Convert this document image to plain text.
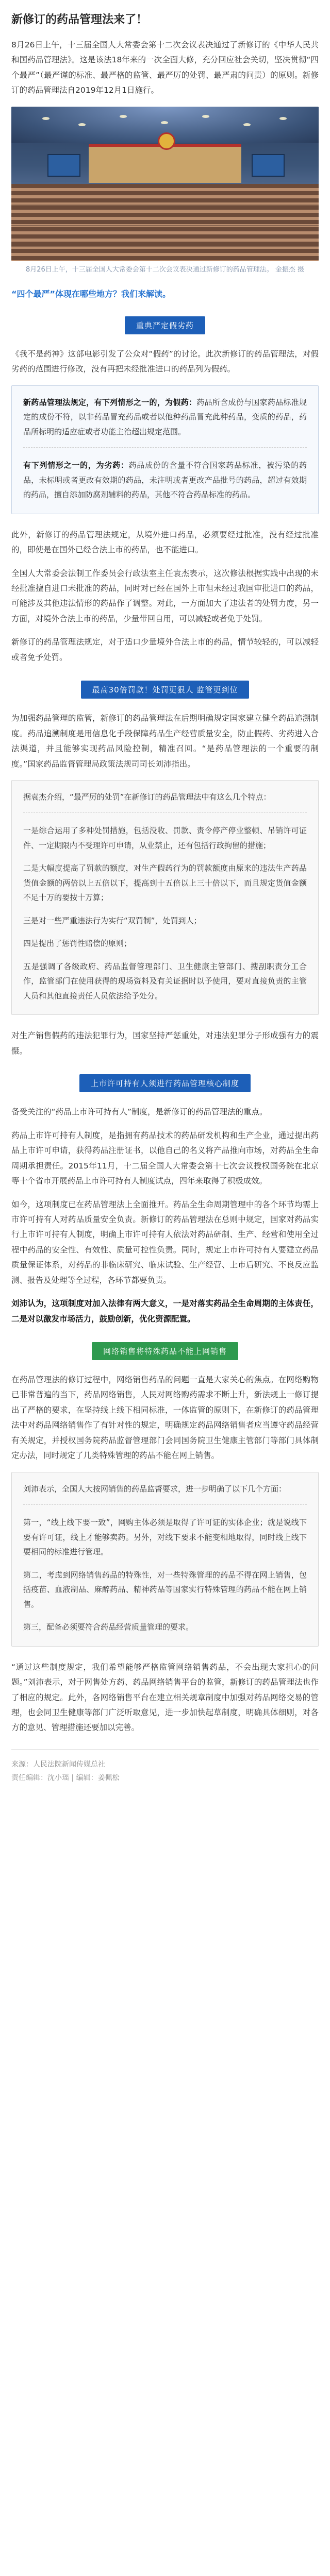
新修订的药品管理法来了！

8月26日上午，十三届全国人大常委会第十二次会议表决通过了新修订的《中华人民共和国药品管理法》。这是该法18年来的一次全面大修，充分回应社会关切，坚决贯彻“四个最严”（最严谨的标准、最严格的监管、最严厉的处罚、最严肃的问责）的原则。新修订的药品管理法自2019年12月1日施行。

8月26日上午，十三届全国人大常委会第十二次会议表决通过新修订的药品管理法。 金振杰 摄
“四个最严”体现在哪些地方？我们来解读。
重典严定假劣药

《我不是药神》这部电影引发了公众对“假药”的讨论。此次新修订的药品管理法，对假劣药的范围进行修改，没有再把未经批准进口的药品列为假药。

新药品管理法规定，有下列情形之一的，为假药：药品所含成份与国家药品标准规定的成份不符，以非药品冒充药品或者以他种药品冒充此种药品，变质的药品，药品所标明的适应症或者功能主治超出规定范围。

有下列情形之一的，为劣药：药品成份的含量不符合国家药品标准，被污染的药品，未标明或者更改有效期的药品，未注明或者更改产品批号的药品，超过有效期的药品，擅自添加防腐剂辅料的药品，其他不符合药品标准的药品。

此外，新修订的药品管理法规定，从境外进口药品，必须要经过批准，没有经过批准的，即使是在国外已经合法上市的药品，也不能进口。

全国人大常委会法制工作委员会行政法室主任袁杰表示，这次修法根据实践中出现的未经批准擅自进口未批准的药品，同时对已经在国外上市但未经过我国审批进口的药品，可能涉及其他违法情形的药品作了调整。对此，一方面加大了违法者的处罚力度，另一方面，对境外合法上市的药品，少量带回自用，可以减轻或者免于处罚。

新修订的药品管理法规定，对于适口少量境外合法上市的药品，情节较轻的，可以减轻或者免予处罚。

最高30倍罚款！处罚更狠人 监管更到位

为加强药品管理的监管，新修订的药品管理法在后期明确规定国家建立健全药品追溯制度。药品追溯制度是用信息化手段保障药品生产经营质量安全，防止假药、劣药进入合法渠道，并且能够实现药品风险控制，精准召回。“是药品管理法的一个重要的制度。”国家药品监督管理局政策法规司司长刘沛指出。

据袁杰介绍，“最严厉的处罚”在新修订的药品管理法中有这么几个特点：

一是综合运用了多种处罚措施，包括没收、罚款、责令停产停业整顿、吊销许可证件、一定期限内不受理许可申请，从业禁止，还有包括行政拘留的措施；

二是大幅度提高了罚款的额度，对生产假药行为的罚款额度由原来的违法生产药品货值金额的两倍以上五倍以下，提高到十五倍以上三十倍以下，而且规定货值金额不足十万的要按十万算；

三是对一些严重违法行为实行“双罚制”，处罚到人；

四是提出了惩罚性赔偿的原则；

五是强调了各级政府、药品监督管理部门、卫生健康主管部门、搜刮职责分工合作，监管部门在使用获得的现场资料及有关证据时以予使用，要对直接负责的主管人员和其他直接责任人员依法给予处分。

对生产销售假药的违法犯罪行为，国家坚持严惩重处，对违法犯罪分子形成强有力的震慑。

上市许可持有人须进行药品管理核心制度

备受关注的“药品上市许可持有人”制度，是新修订的药品管理法的重点。

药品上市许可持有人制度，是指拥有药品技术的药品研发机构和生产企业，通过提出药品上市许可申请，获得药品注册证书，以他自己的名义将产品推向市场，对药品全生命周期承担责任。2015年11月，十二届全国人大常委会第十七次会议授权国务院在北京等十个省市开展药品上市许可持有人制度试点，四年来取得了积极成效。

如今，这项制度已在药品管理法上全面推开。药品全生命周期管理中的各个环节均需上市许可持有人对药品质量安全负责。新修订的药品管理法在总则中规定，国家对药品实行上市许可持有人制度，明确上市许可持有人依法对药品研制、生产、经营和使用全过程中药品的安全性、有效性、质量可控性负责。同时，规定上市许可持有人要建立药品质量保证体系，对药品的非临床研究、临床试验、生产经营、上市后研究、不良反应监测、报告及处理等全过程，各环节都要负责。

刘沛认为，这项制度对加入法律有两大意义，一是对落实药品全生命周期的主体责任，二是对以激发市场活力，鼓励创新，优化资源配置。

网络销售将特殊药品不能上网销售

在药品管理法的修订过程中，网络销售药品的问题一直是大家关心的焦点。在网络购物已非常普遍的当下，药品网络销售，人民对网络购药需求不断上升，新法规上一修订提出了严格的要求，在坚持线上线下相同标准，一体监管的原则下，在新修订的药品管理法中对药品网络销售作了有针对性的规定，明确规定药品网络销售者应当遵守药品经营有关规定，并授权国务院药品监督管理部门会同国务院卫生健康主管部门等部门具体制定办法，同时规定了几类特殊管理的药品不能在网上销售。

刘沛表示，全国人大按网销售的药品监督要求，进一步明确了以下几个方面：

第一，“线上线下要一致”，网购主体必须是取得了许可证的实体企业；就是说线下要有许可证，线上才能够卖药。另外，对线下要求不能变相地取得，同时线上线下要相同的标准进行管理。

第二，考虑到网络销售药品的特殊性，对一些特殊管理的药品不得在网上销售，包括疫苗、血液制品、麻醉药品、精神药品等国家实行特殊管理的药品不能在网上销售。

第三，配备必须要符合药品经营质量管理的要求。

“通过这些制度规定，我们希望能够严格监管网络销售药品，不会出现大家担心的问题。”刘沛表示，对于网售处方药、药品网络销售平台的监管，新修订的药品管理法也作了相应的规定。此外，各网络销售平台在建立相关规章制度中加强对药品网络交易的管理，也会同卫生健康等部门广泛听取意见，进一步加快起草制度，明确具体细则，对各方的意见、管理措施还要加以完善。

来源：人民法院新闻传媒总社
责任编辑：沈小瑶 | 编辑：姜佩松
